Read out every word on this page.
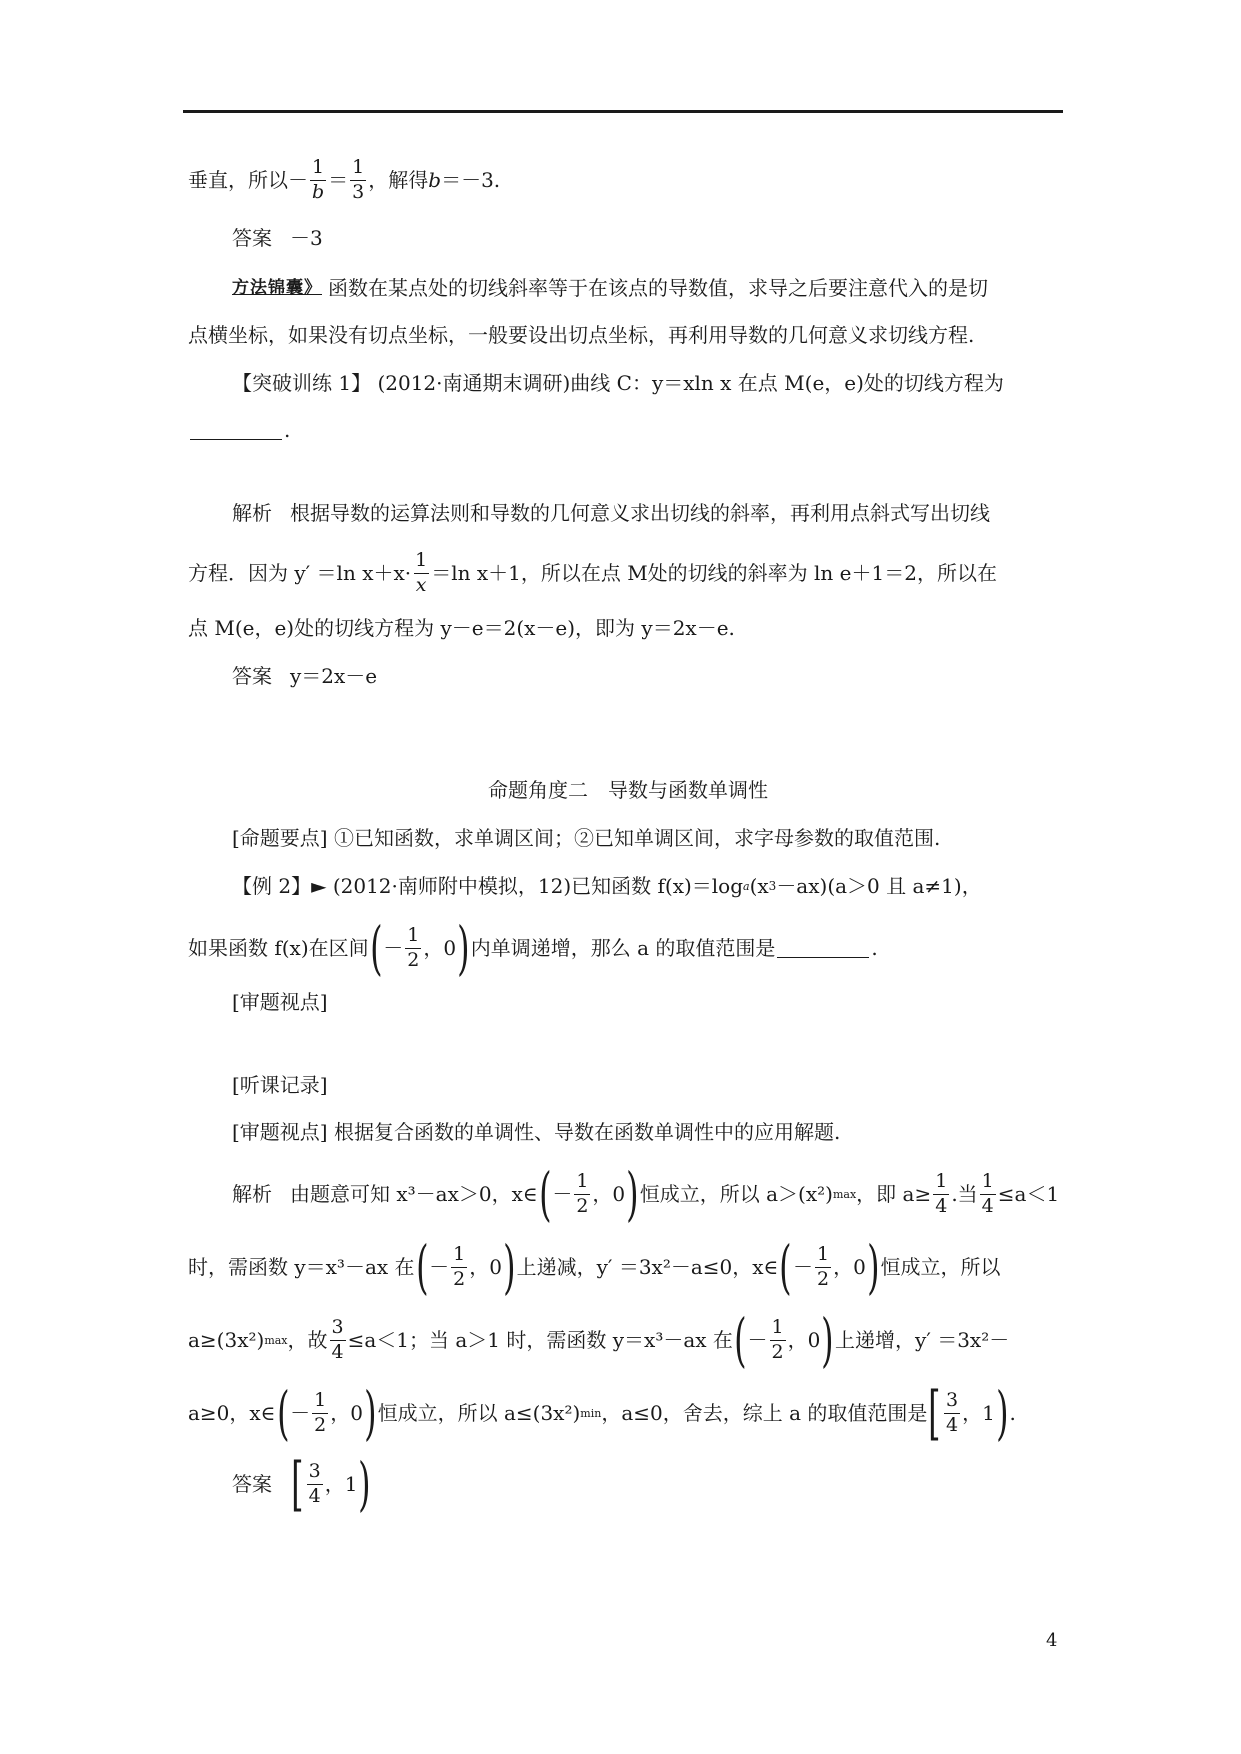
垂直，所以－ $\frac{1}{b} = \frac{1}{3}$ ，解得 b ＝－3.
答案 －3
方法锦囊》 函数在某点处的切线斜率等于在该点的导数值，求导之后要注意代入的是切
点横坐标，如果没有切点坐标，一般要设出切点坐标，再利用导数的几何意义求切线方程.
【突破训练 1】 (2012·南通期末调研)曲线 C：y＝xln x 在点 M(e，e)处的切线方程为
.
解析 根据导数的运算法则和导数的几何意义求出切线的斜率，再利用点斜式写出切线
方程．因为 y′ ＝ln $x+x\cdot \frac{1}{x} =\ln$ x＋1，所以在点 M处的切线的斜率为 ln e＋1＝2，所以在
点 M(e，e)处的切线方程为 y－e＝2(x－e)，即为 y＝2x－e.
答案 y＝2x－e
命题角度二　导数与函数单调性
[命题要点] ①已知函数，求单调区间；②已知单调区间，求字母参数的取值范围.
【例 2】► (2012·南师附中模拟，12)已知函数 f(x)＝log a (x 3 －ax)(a＞0 且 a≠1)，
如果函数 f(x)在区间 ( － $\frac{1}{2}$ ，0 ) 内单调递增，那么 a 的取值范围是	.
[审题视点]
[听课记录]
[审题视点] 根据复合函数的单调性、导数在函数单调性中的应用解题.
解析 由题意可知 x³－ax＞0，x∈ ( － $\frac{1}{2}$ ，0 ) 恒成立，所以 a＞(x²) max ，即 $a\ge \frac{1}{4}$ .当 $\frac{1}{4} \le a<1$
时，需函数 y＝x³－ax 在 ( － $\frac{1}{2}$ ，0 ) 上递减，y′ ＝3x²－a≤0，x∈ ( － $\frac{1}{2}$ ，0 ) 恒成立，所以
a≥(3x²) max ，故 $\frac{3}{4} \le a<1$；当 a＞1 时，需函数 y＝x³－ax 在 ( － $\frac{1}{2}$ ，0 ) 上递增，y′ ＝3x²－
a≥0，x∈ ( － $\frac{1}{2}$ ，0 ) 恒成立，所以 a≤(3x²) min ，a≤0，舍去，综上 a 的取值范围是 [ $\frac{3}{4}$ ，1 ) .
答案 [ $\frac{3}{4}$ ，1 )
4
